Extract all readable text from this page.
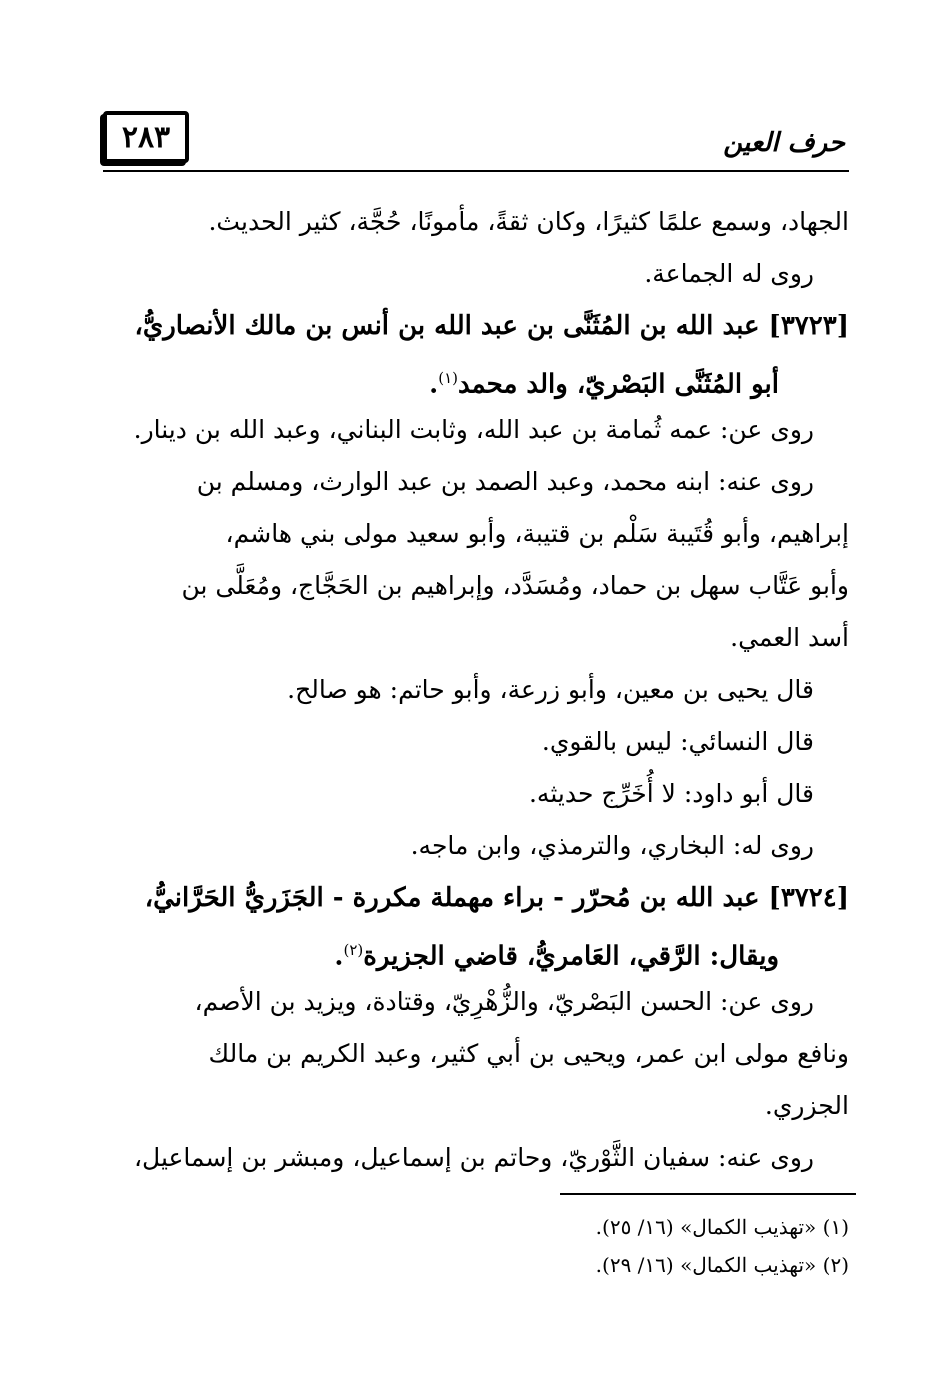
٢٨٣	حرف العين
الجهاد، وسمع علمًا كثيرًا، وكان ثقةً، مأمونًا، حُجَّة، كثير الحديث.
روى له الجماعة.
[٣٧٢٣] عبد الله بن المُثَنَّى بن عبد الله بن أنس بن مالك الأنصاريُّ،
أبو المُثَنَّى البَصْريّ، والد محمد$^{(١)}$.
روى عن: عمه ثُمامة بن عبد الله، وثابت البناني، وعبد الله بن دينار.
روى عنه: ابنه محمد، وعبد الصمد بن عبد الوارث، ومسلم بن
إبراهيم، وأبو قُتَيبة سَلْم بن قتيبة، وأبو سعيد مولى بني هاشم،
وأبو عَتَّاب سهل بن حماد، ومُسَدَّد، وإبراهيم بن الحَجَّاج، ومُعَلَّى بن
أسد العمي.
قال يحيى بن معين، وأبو زرعة، وأبو حاتم: هو صالح.
قال النسائي: ليس بالقوي.
قال أبو داود: لا أُخَرِّج حديثه.
روى له: البخاري، والترمذي، وابن ماجه.
[٣٧٢٤] عبد الله بن مُحرّر - براء مهملة مكررة - الجَزَريُّ الحَرَّانيُّ،
ويقال: الرَّقي، العَامريُّ، قاضي الجزيرة$^{(٢)}$.
روى عن: الحسن البَصْريّ، والزُّهْرِيّ، وقتادة، ويزيد بن الأصم،
ونافع مولى ابن عمر، ويحيى بن أبي كثير، وعبد الكريم بن مالك
الجزري.
روى عنه: سفيان الثَّوْريّ، وحاتم بن إسماعيل، ومبشر بن إسماعيل،
(١) «تهذيب الكمال» (١٦/ ٢٥).
(٢) «تهذيب الكمال» (١٦/ ٢٩).
